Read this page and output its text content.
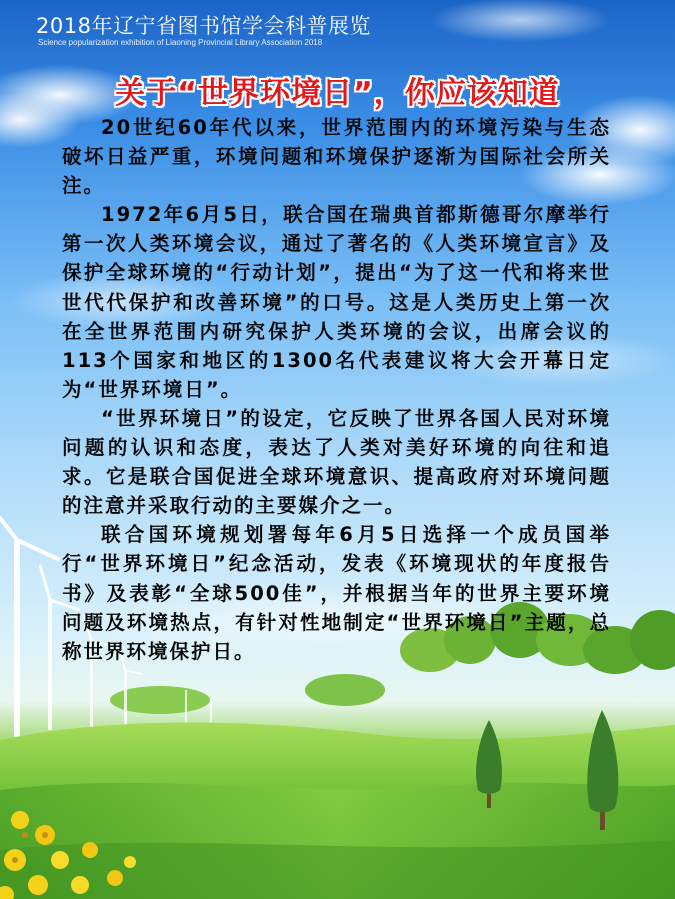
2018年辽宁省图书馆学会科普展览
Science popularization exhibition of Liaoning Provincial Library Association 2018
关于“世界环境日”，你应该知道

20世纪60年代以来，世界范围内的环境污染与生态破坏日益严重，环境问题和环境保护逐渐为国际社会所关注。

1972年6月5日，联合国在瑞典首都斯德哥尔摩举行第一次人类环境会议，通过了著名的《人类环境宣言》及保护全球环境的“行动计划”，提出“为了这一代和将来世世代代保护和改善环境”的口号。这是人类历史上第一次在全世界范围内研究保护人类环境的会议，出席会议的113个国家和地区的1300名代表建议将大会开幕日定为“世界环境日”。

“世界环境日”的设定，它反映了世界各国人民对环境问题的认识和态度，表达了人类对美好环境的向往和追求。它是联合国促进全球环境意识、提高政府对环境问题的注意并采取行动的主要媒介之一。

联合国环境规划署每年6月5日选择一个成员国举行“世界环境日”纪念活动，发表《环境现状的年度报告书》及表彰“全球500佳”，并根据当年的世界主要环境问题及环境热点，有针对性地制定“世界环境日”主题，总称世界环境保护日。
